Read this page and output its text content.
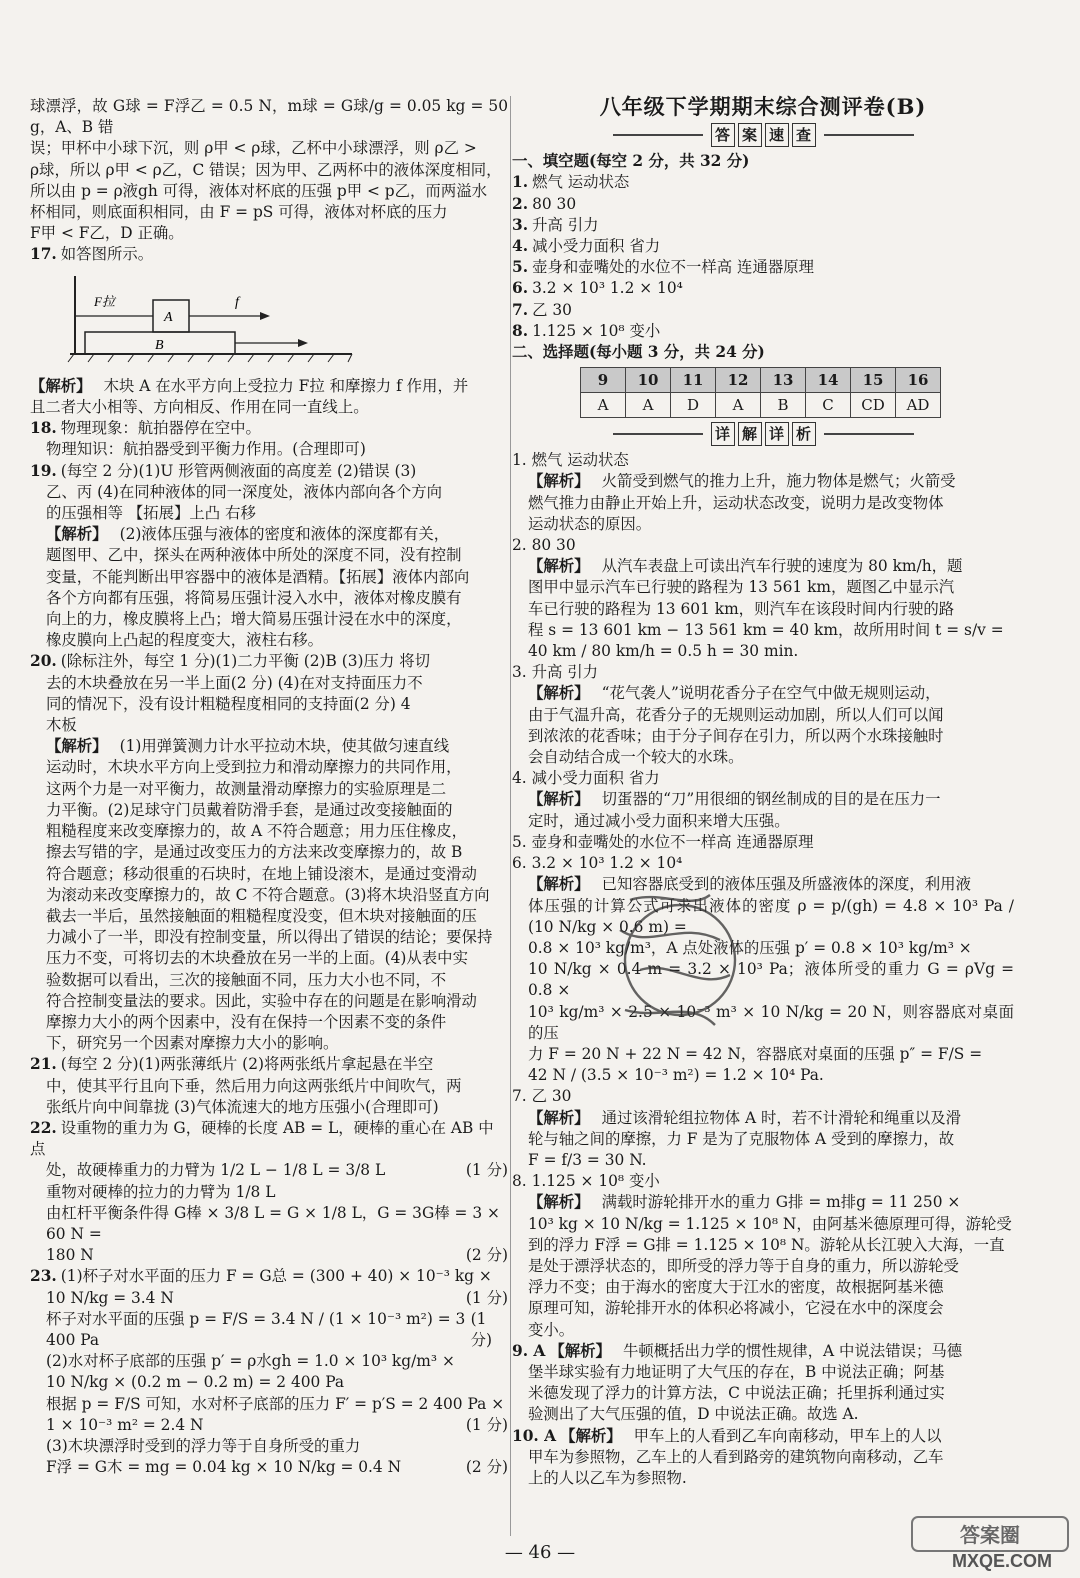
球漂浮，故 G球 = F浮乙 = 0.5 N，m球 = G球/g = 0.05 kg = 50 g，A、B 错

误；甲杯中小球下沉，则 ρ甲 < ρ球，乙杯中小球漂浮，则 ρ乙 >

ρ球，所以 ρ甲 < ρ乙，C 错误；因为甲、乙两杯中的液体深度相同，

所以由 p = ρ液gh 可得，液体对杯底的压强 p甲 < p乙，而两溢水

杯相同，则底面积相同，由 F = pS 可得，液体对杯底的压力

F甲 < F乙，D 正确。

17. 如答图所示。

A
B
F拉	f

【解析】 木块 A 在水平方向上受拉力 F拉 和摩擦力 f 作用，并

且二者大小相等、方向相反、作用在同一直线上。

18. 物理现象：航拍器停在空中。

物理知识：航拍器受到平衡力作用。(合理即可)

19. (每空 2 分)(1)U 形管两侧液面的高度差 (2)错误 (3)

乙、丙 (4)在同种液体的同一深度处，液体内部向各个方向

的压强相等 【拓展】上凸 右移

【解析】 (2)液体压强与液体的密度和液体的深度都有关，

题图甲、乙中，探头在两种液体中所处的深度不同，没有控制

变量，不能判断出甲容器中的液体是酒精。【拓展】液体内部向

各个方向都有压强，将简易压强计浸入水中，液体对橡皮膜有

向上的力，橡皮膜将上凸；增大简易压强计浸在水中的深度，

橡皮膜向上凸起的程度变大，液柱右移。

20. (除标注外，每空 1 分)(1)二力平衡 (2)B (3)压力 将切

去的木块叠放在另一半上面(2 分) (4)在对支持面压力不

同的情况下，没有设计粗糙程度相同的支持面(2 分) 4

木板

【解析】 (1)用弹簧测力计水平拉动木块，使其做匀速直线

运动时，木块水平方向上受到拉力和滑动摩擦力的共同作用，

这两个力是一对平衡力，故测量滑动摩擦力的实验原理是二

力平衡。(2)足球守门员戴着防滑手套，是通过改变接触面的

粗糙程度来改变摩擦力的，故 A 不符合题意；用力压住橡皮，

擦去写错的字，是通过改变压力的方法来改变摩擦力的，故 B

符合题意；移动很重的石块时，在地上铺设滚木，是通过变滑动

为滚动来改变摩擦力的，故 C 不符合题意。(3)将木块沿竖直方向

截去一半后，虽然接触面的粗糙程度没变，但木块对接触面的压

力减小了一半，即没有控制变量，所以得出了错误的结论；要保持

压力不变，可将切去的木块叠放在另一半的上面。(4)从表中实

验数据可以看出，三次的接触面不同，压力大小也不同，不

符合控制变量法的要求。因此，实验中存在的问题是在影响滑动

摩擦力大小的两个因素中，没有在保持一个因素不变的条件

下，研究另一个因素对摩擦力大小的影响。

21. (每空 2 分)(1)两张薄纸片 (2)将两张纸片拿起悬在半空

中，使其平行且向下垂，然后用力向这两张纸片中间吹气，两

张纸片向中间靠拢 (3)气体流速大的地方压强小(合理即可)

22. 设重物的重力为 G，硬棒的长度 AB = L，硬棒的重心在 AB 中点
处，故硬棒重力的力臂为 1/2 L − 1/8 L = 3/8 L	(1 分)
重物对硬棒的拉力的力臂为 1/8 L
由杠杆平衡条件得 G棒 × 3/8 L = G × 1/8 L，G = 3G棒 = 3 × 60 N =
180 N	(2 分)
23. (1)杯子对水平面的压力 F = G总 = (300 + 40) × 10⁻³ kg ×
10 N/kg = 3.4 N	(1 分)
杯子对水平面的压强 p = F/S = 3.4 N / (1 × 10⁻³ m²) = 3 400 Pa
(1 分)
(2)水对杯子底部的压强 p′ = ρ水gh = 1.0 × 10³ kg/m³ ×
10 N/kg × (0.2 m − 0.2 m) = 2 400 Pa
根据 p = F/S 可知，水对杯子底部的压力 F′ = p′S = 2 400 Pa ×
1 × 10⁻³ m² = 2.4 N	(1 分)
(3)木块漂浮时受到的浮力等于自身所受的重力
F浮 = G木 = mg = 0.04 kg × 10 N/kg = 0.4 N	(2 分)

八年级下学期期末综合测评卷(B)

答 案 速 查

一、填空题(每空 2 分，共 32 分)

1. 燃气 运动状态

2. 80 30

3. 升高 引力

4. 减小受力面积 省力

5. 壶身和壶嘴处的水位不一样高 连通器原理

6. 3.2 × 10³ 1.2 × 10⁴

7. 乙 30

8. 1.125 × 10⁸ 变小

二、选择题(每小题 3 分，共 24 分)

9	10	11	12	13	14	15	16
A	A	D	A	B	C	CD	AD
详 解 详 析

1. 燃气 运动状态

【解析】 火箭受到燃气的推力上升，施力物体是燃气；火箭受

燃气推力由静止开始上升，运动状态改变，说明力是改变物体

运动状态的原因。

2. 80 30

【解析】 从汽车表盘上可读出汽车行驶的速度为 80 km/h，题

图甲中显示汽车已行驶的路程为 13 561 km，题图乙中显示汽

车已行驶的路程为 13 601 km，则汽车在该段时间内行驶的路

程 s = 13 601 km − 13 561 km = 40 km，故所用时间 t = s/v =

40 km / 80 km/h = 0.5 h = 30 min.

3. 升高 引力

【解析】 “花气袭人”说明花香分子在空气中做无规则运动，

由于气温升高，花香分子的无规则运动加剧，所以人们可以闻

到浓浓的花香味；由于分子间存在引力，所以两个水珠接触时

会自动结合成一个较大的水珠。

4. 减小受力面积 省力

【解析】 切蛋器的“刀”用很细的钢丝制成的目的是在压力一

定时，通过减小受力面积来增大压强。

5. 壶身和壶嘴处的水位不一样高 连通器原理

6. 3.2 × 10³ 1.2 × 10⁴

【解析】 已知容器底受到的液体压强及所盛液体的深度，利用液

体压强的计算公式可求出液体的密度 ρ = p/(gh) = 4.8 × 10³ Pa / (10 N/kg × 0.6 m) =

0.8 × 10³ kg/m³，A 点处液体的压强 p′ = 0.8 × 10³ kg/m³ ×

10 N/kg × 0.4 m = 3.2 × 10³ Pa；液体所受的重力 G = ρVg = 0.8 ×

10³ kg/m³ × 2.5 × 10⁻³ m³ × 10 N/kg = 20 N，则容器底对桌面的压

力 F = 20 N + 22 N = 42 N，容器底对桌面的压强 p″ = F/S =

42 N / (3.5 × 10⁻³ m²) = 1.2 × 10⁴ Pa.

7. 乙 30

【解析】 通过该滑轮组拉物体 A 时，若不计滑轮和绳重以及滑

轮与轴之间的摩擦，力 F 是为了克服物体 A 受到的摩擦力，故

F = f/3 = 30 N.

8. 1.125 × 10⁸ 变小

【解析】 满载时游轮排开水的重力 G排 = m排g = 11 250 ×

10³ kg × 10 N/kg = 1.125 × 10⁸ N，由阿基米德原理可得，游轮受

到的浮力 F浮 = G排 = 1.125 × 10⁸ N。游轮从长江驶入大海，一直

是处于漂浮状态的，即所受的浮力等于自身的重力，所以游轮受

浮力不变；由于海水的密度大于江水的密度，故根据阿基米德

原理可知，游轮排开水的体积必将减小，它浸在水中的深度会

变小。

9. A 【解析】 牛顿概括出力学的惯性规律，A 中说法错误；马德

堡半球实验有力地证明了大气压的存在，B 中说法正确；阿基

米德发现了浮力的计算方法，C 中说法正确；托里拆利通过实

验测出了大气压强的值，D 中说法正确。故选 A.

10. A 【解析】 甲车上的人看到乙车向南移动，甲车上的人以

甲车为参照物，乙车上的人看到路旁的建筑物向南移动，乙车

上的人以乙车为参照物.

— 46 —
答案圈
MXQE.COM
